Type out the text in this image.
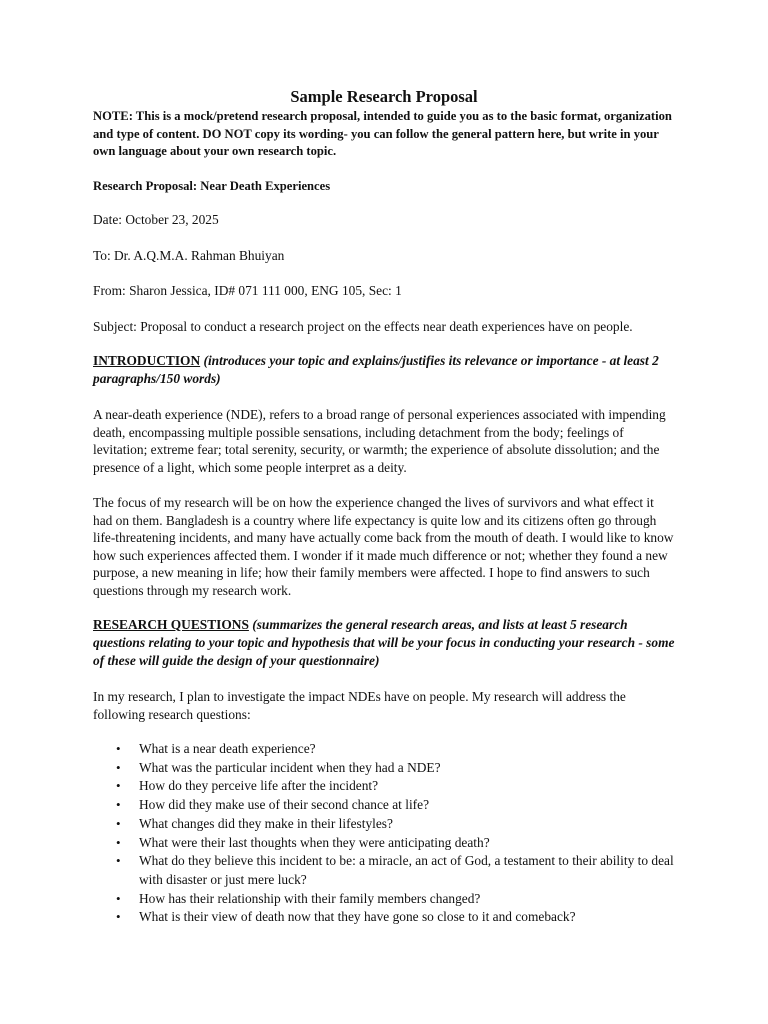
Sample Research Proposal

NOTE: This is a mock/pretend research proposal, intended to guide you as to the basic format, organization and type of content. DO NOT copy its wording- you can follow the general pattern here, but write in your own language about your own research topic.

Research Proposal: Near Death Experiences

Date: October 23, 2025

To: Dr. A.Q.M.A. Rahman Bhuiyan

From: Sharon Jessica, ID# 071 111 000, ENG 105, Sec: 1

Subject: Proposal to conduct a research project on the effects near death experiences have on people.

INTRODUCTION (introduces your topic and explains/justifies its relevance or importance - at least 2 paragraphs/150 words)

A near-death experience (NDE), refers to a broad range of personal experiences associated with impending death, encompassing multiple possible sensations, including detachment from the body; feelings of levitation; extreme fear; total serenity, security, or warmth; the experience of absolute dissolution; and the presence of a light, which some people interpret as a deity.

The focus of my research will be on how the experience changed the lives of survivors and what effect it had on them. Bangladesh is a country where life expectancy is quite low and its citizens often go through life-threatening incidents, and many have actually come back from the mouth of death. I would like to know how such experiences affected them. I wonder if it made much difference or not; whether they found a new purpose, a new meaning in life; how their family members were affected. I hope to find answers to such questions through my research work.

RESEARCH QUESTIONS (summarizes the general research areas, and lists at least 5 research questions relating to your topic and hypothesis that will be your focus in conducting your research - some of these will guide the design of your questionnaire)

In my research, I plan to investigate the impact NDEs have on people. My research will address the following research questions:

• What is a near death experience?
• What was the particular incident when they had a NDE?
• How do they perceive life after the incident?
• How did they make use of their second chance at life?
• What changes did they make in their lifestyles?
• What were their last thoughts when they were anticipating death?
• What do they believe this incident to be: a miracle, an act of God, a testament to their ability to deal with disaster or just mere luck?
• How has their relationship with their family members changed?
• What is their view of death now that they have gone so close to it and comeback?
